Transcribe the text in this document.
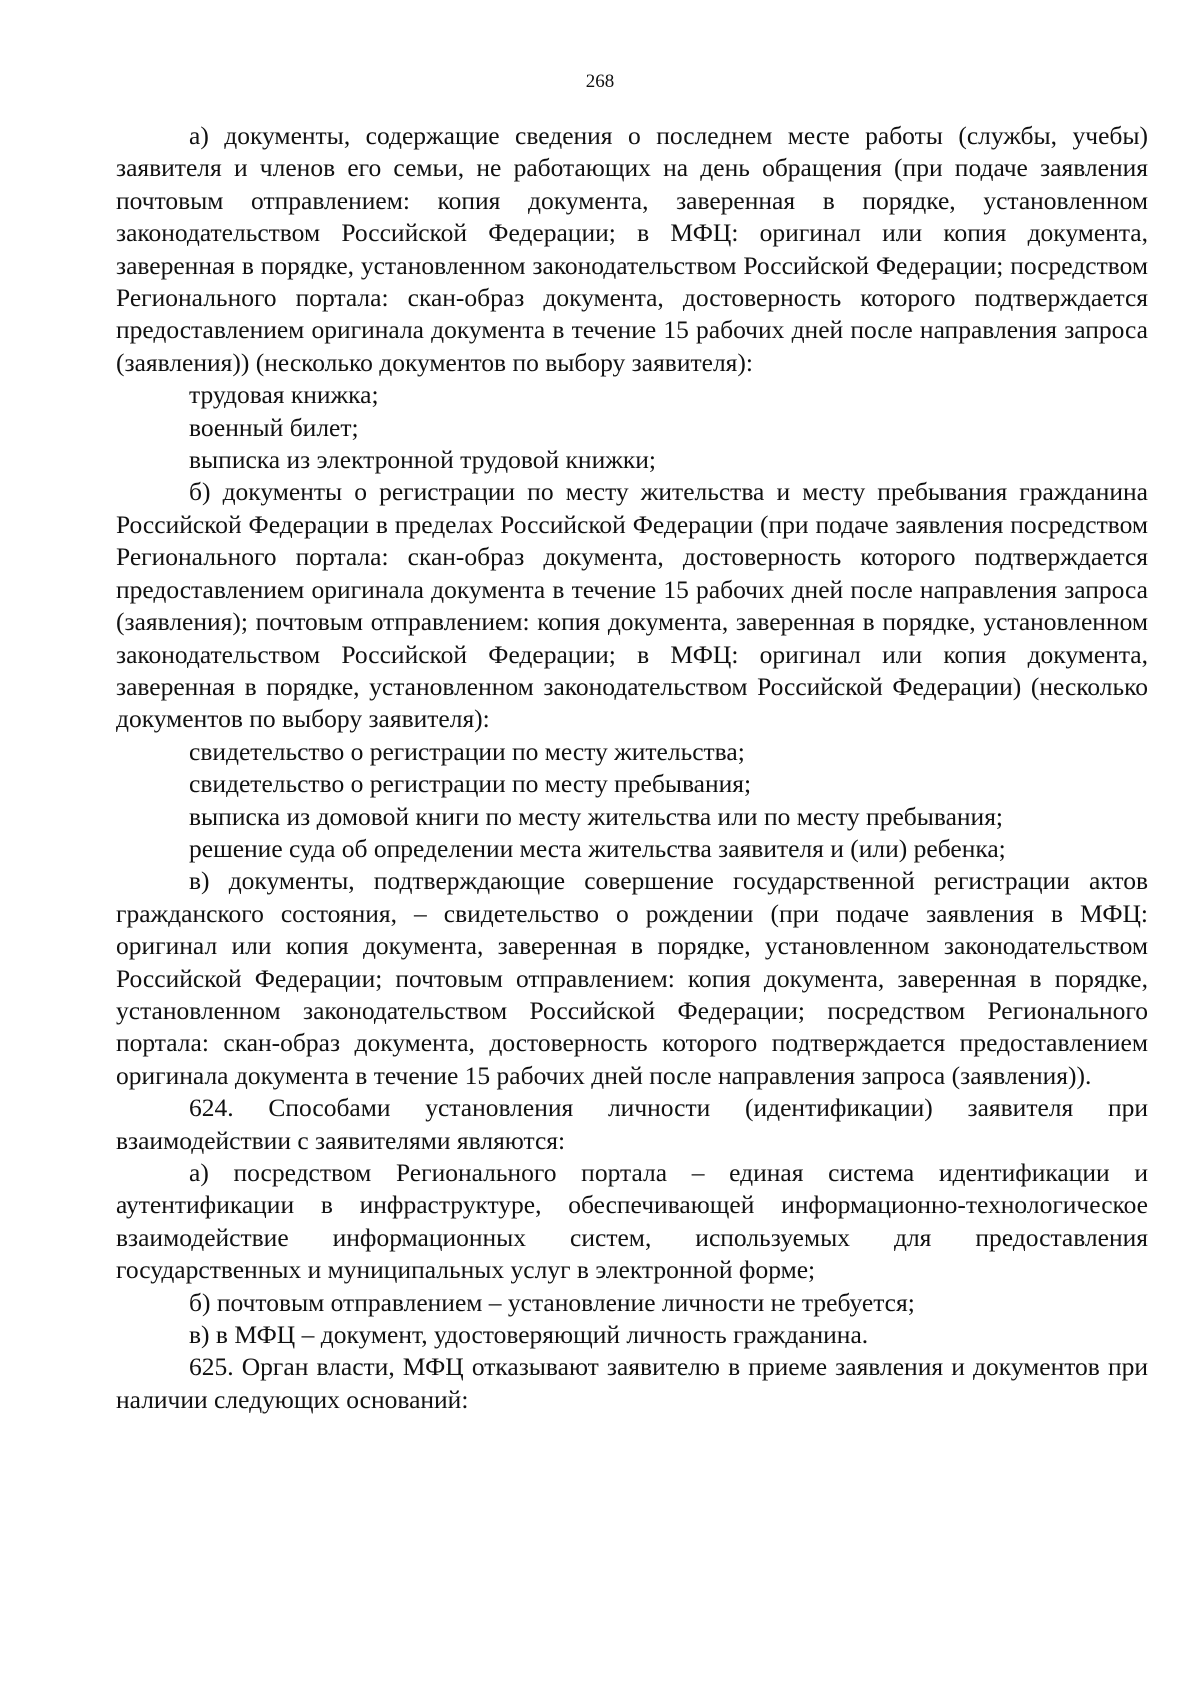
268

а) документы, содержащие сведения о последнем месте работы (службы, учебы) заявителя и членов его семьи, не работающих на день обращения (при подаче заявления почтовым отправлением: копия документа, заверенная в порядке, установленном законодательством Российской Федерации; в МФЦ: оригинал или копия документа, заверенная в порядке, установленном законодательством Российской Федерации; посредством Регионального портала: скан-образ документа, достоверность которого подтверждается предоставлением оригинала документа в течение 15 рабочих дней после направления запроса (заявления)) (несколько документов по выбору заявителя):

трудовая книжка;

военный билет;

выписка из электронной трудовой книжки;

б) документы о регистрации по месту жительства и месту пребывания гражданина Российской Федерации в пределах Российской Федерации (при подаче заявления посредством Регионального портала: скан-образ документа, достоверность которого подтверждается предоставлением оригинала документа в течение 15 рабочих дней после направления запроса (заявления); почтовым отправлением: копия документа, заверенная в порядке, установленном законодательством Российской Федерации; в МФЦ: оригинал или копия документа, заверенная в порядке, установленном законодательством Российской Федерации) (несколько документов по выбору заявителя):

свидетельство о регистрации по месту жительства;

свидетельство о регистрации по месту пребывания;

выписка из домовой книги по месту жительства или по месту пребывания;

решение суда об определении места жительства заявителя и (или) ребенка;

в) документы, подтверждающие совершение государственной регистрации актов гражданского состояния, – свидетельство о рождении (при подаче заявления в МФЦ: оригинал или копия документа, заверенная в порядке, установленном законодательством Российской Федерации; почтовым отправлением: копия документа, заверенная в порядке, установленном законодательством Российской Федерации; посредством Регионального портала: скан-образ документа, достоверность которого подтверждается предоставлением оригинала документа в течение 15 рабочих дней после направления запроса (заявления)).

624. Способами установления личности (идентификации) заявителя при взаимодействии с заявителями являются:

а) посредством Регионального портала – единая система идентификации и аутентификации в инфраструктуре, обеспечивающей информационно-технологическое взаимодействие информационных систем, используемых для предоставления государственных и муниципальных услуг в электронной форме;

б) почтовым отправлением – установление личности не требуется;

в) в МФЦ – документ, удостоверяющий личность гражданина.

625. Орган власти, МФЦ отказывают заявителю в приеме заявления и документов при наличии следующих оснований:
